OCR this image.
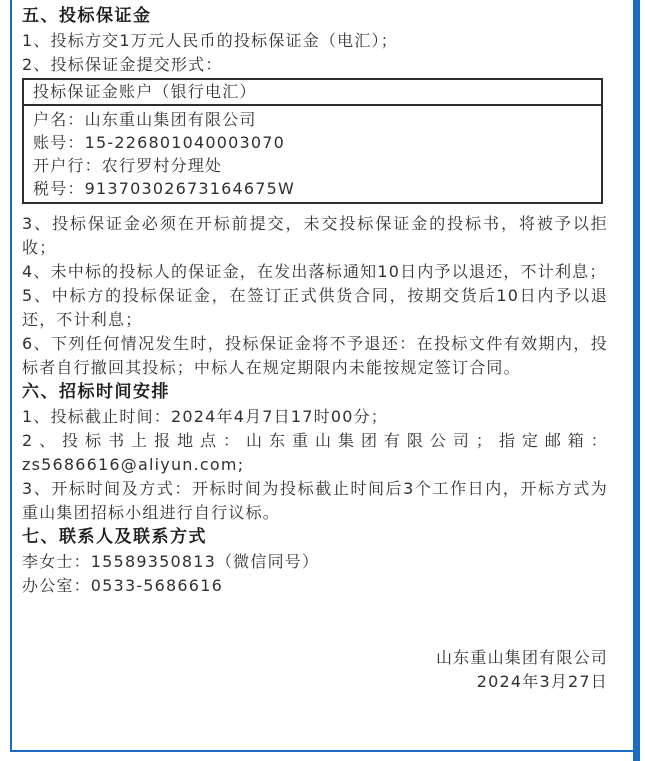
五、投标保证金

1、投标方交1万元人民币的投标保证金（电汇）；

2、投标保证金提交形式：

投标保证金账户（银行电汇）
户名：山东重山集团有限公司
账号：15-226801040003070
开户行：农行罗村分理处
税号：91370302673164675W

3、投标保证金必须在开标前提交，未交投标保证金的投标书，将被予以拒收；

4、未中标的投标人的保证金，在发出落标通知10日内予以退还，不计利息；

5、中标方的投标保证金，在签订正式供货合同，按期交货后10日内予以退还，不计利息；

6、下列任何情况发生时，投标保证金将不予退还：在投标文件有效期内，投标者自行撤回其投标；中标人在规定期限内未能按规定签订合同。

六、招标时间安排

1、投标截止时间：2024年4月7日17时00分；

2、投标书上报地点：山东重山集团有限公司；指定邮箱：zs5686616@aliyun.com;

3、开标时间及方式：开标时间为投标截止时间后3个工作日内，开标方式为重山集团招标小组进行自行议标。

七、联系人及联系方式

李女士：15589350813（微信同号）

办公室：0533-5686616

山东重山集团有限公司

2024年3月27日
